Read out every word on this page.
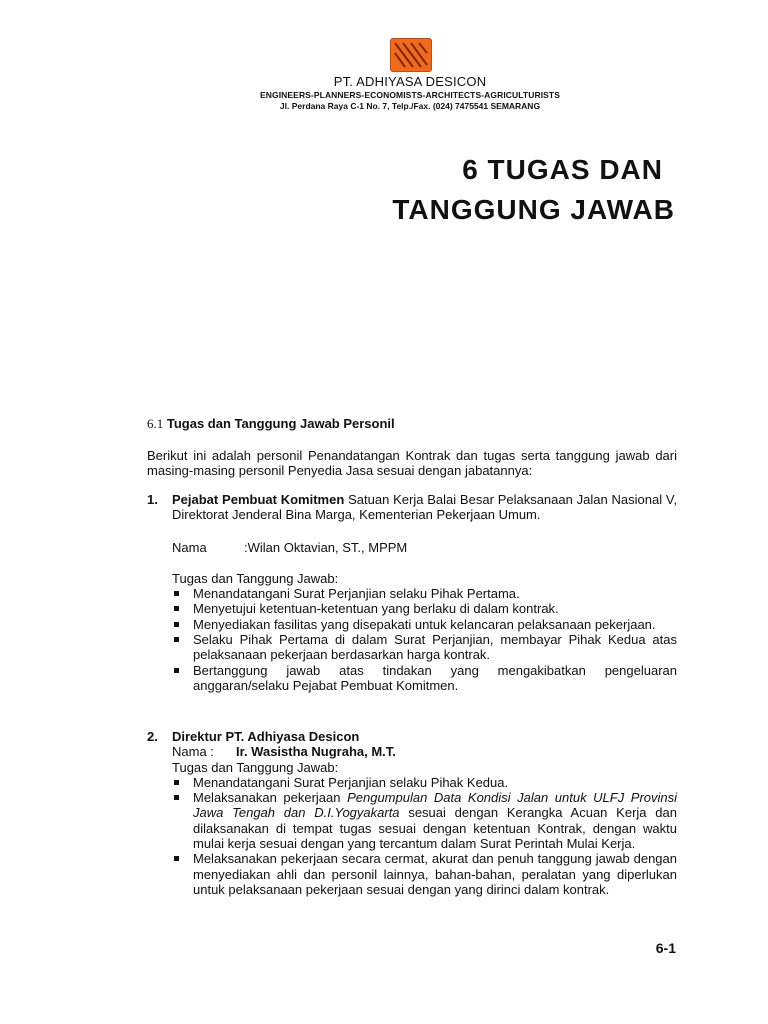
PT. ADHIYASA DESICON
ENGINEERS-PLANNERS-ECONOMISTS-ARCHITECTS-AGRICULTURISTS
Jl. Perdana Raya C-1 No. 7, Telp./Fax. (024) 7475541 SEMARANG
6 TUGAS DAN
TANGGUNG JAWAB
6.1 Tugas dan Tanggung Jawab Personil
Berikut ini adalah personil Penandatangan Kontrak dan tugas serta tanggung jawab dari masing-masing personil Penyedia Jasa sesuai dengan jabatannya:
1. Pejabat Pembuat Komitmen Satuan Kerja Balai Besar Pelaksanaan Jalan Nasional V, Direktorat Jenderal Bina Marga, Kementerian Pekerjaan Umum.
Nama	:Wilan Oktavian, ST., MPPM
Tugas dan Tanggung Jawab:
Menandatangani Surat Perjanjian selaku Pihak Pertama.
Menyetujui ketentuan-ketentuan yang berlaku di dalam kontrak.
Menyediakan fasilitas yang disepakati untuk kelancaran pelaksanaan pekerjaan.
Selaku Pihak Pertama di dalam Surat Perjanjian, membayar Pihak Kedua atas pelaksanaan pekerjaan berdasarkan harga kontrak.
Bertanggung jawab atas tindakan yang mengakibatkan pengeluaran anggaran/selaku Pejabat Pembuat Komitmen.
2. Direktur PT. Adhiyasa Desicon
Nama : Ir. Wasistha Nugraha, M.T.
Tugas dan Tanggung Jawab:
Menandatangani Surat Perjanjian selaku Pihak Kedua.
Melaksanakan pekerjaan Pengumpulan Data Kondisi Jalan untuk ULFJ Provinsi Jawa Tengah dan D.I.Yogyakarta sesuai dengan Kerangka Acuan Kerja dan dilaksanakan di tempat tugas sesuai dengan ketentuan Kontrak, dengan waktu mulai kerja sesuai dengan yang tercantum dalam Surat Perintah Mulai Kerja.
Melaksanakan pekerjaan secara cermat, akurat dan penuh tanggung jawab dengan menyediakan ahli dan personil lainnya, bahan-bahan, peralatan yang diperlukan untuk pelaksanaan pekerjaan sesuai dengan yang dirinci dalam kontrak.
6-1
